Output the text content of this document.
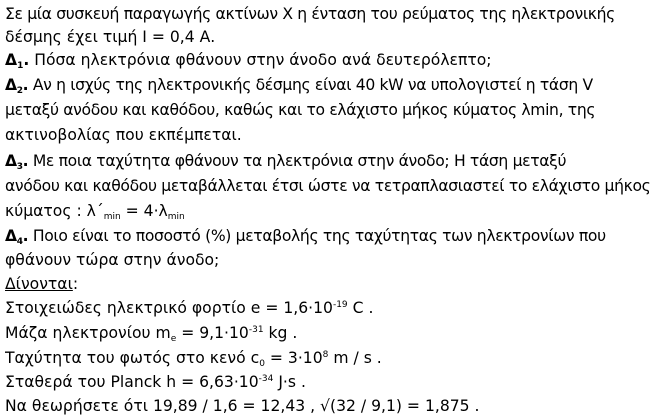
Σε μία συσκευή παραγωγής ακτίνων Χ η ένταση του ρεύματος της ηλεκτρονικής
δέσμης έχει τιμή Ι = 0,4 Α.
$\Delta_1$. Πόσα ηλεκτρόνια φθάνουν στην άνοδο ανά δευτερόλεπτο;
$\Delta_2$. Αν η ισχύς της ηλεκτρονικής δέσμης είναι 40 kW να υπολογιστεί η τάση V
μεταξύ ανόδου και καθόδου, καθώς και το ελάχιστο μήκος κύματος λmin, της
ακτινοβολίας που εκπέμπεται.
$\Delta_3$. Με ποια ταχύτητα φθάνουν τα ηλεκτρόνια στην άνοδο; Η τάση μεταξύ
ανόδου και καθόδου μεταβάλλεται έτσι ώστε να τετραπλασιαστεί το ελάχιστο μήκος
κύματος : $\lambda΄_{min} = 4\cdot\lambda_{min}$
$\Delta_4$. Ποιο είναι το ποσοστό (%) μεταβολής της ταχύτητας των ηλεκτρονίων που
φθάνουν τώρα στην άνοδο;
Δίνονται:
Στοιχειώδες ηλεκτρικό φορτίο $e = 1,6\cdot 10^{-19}$ C .
Μάζα ηλεκτρονίου $m_e = 9,1\cdot 10^{-31}$ kg .
Ταχύτητα του φωτός στο κενό $c_0 = 3\cdot 10^8$ m / s .
Σταθερά του Planck $h = 6,63\cdot 10^{-34}$ J·s .
Να θεωρήσετε ότι 19,89 / 1,6 = 12,43 , √(32 / 9,1) = 1,875 .
